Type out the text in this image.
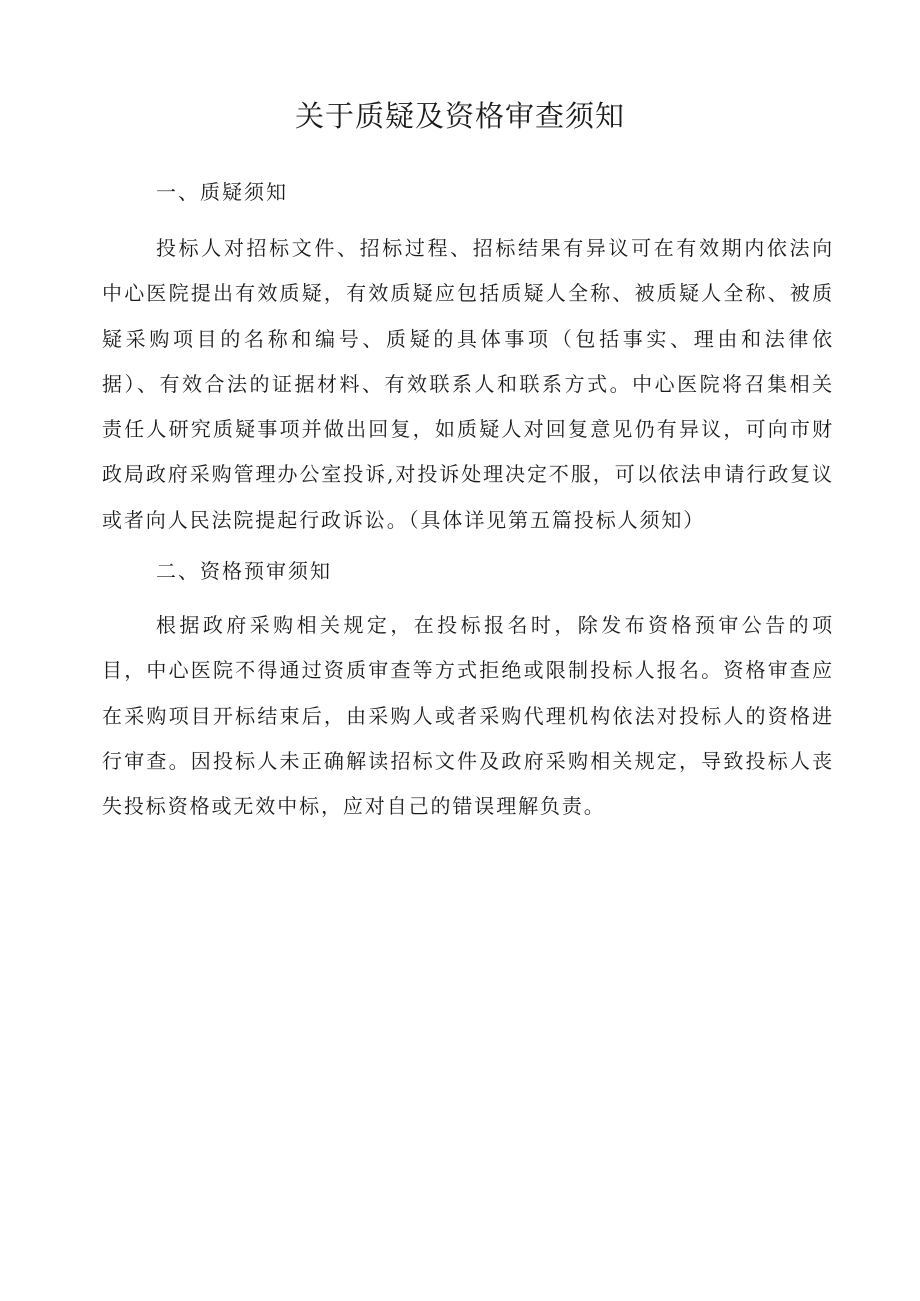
关于质疑及资格审查须知
一、质疑须知

投标人对招标文件、招标过程、招标结果有异议可在有效期内依法向中心医院提出有效质疑，有效质疑应包括质疑人全称、被质疑人全称、被质疑采购项目的名称和编号、质疑的具体事项（包括事实、理由和法律依据）、有效合法的证据材料、有效联系人和联系方式。中心医院将召集相关责任人研究质疑事项并做出回复，如质疑人对回复意见仍有异议，可向市财政局政府采购管理办公室投诉,对投诉处理决定不服，可以依法申请行政复议或者向人民法院提起行政诉讼。（具体详见第五篇投标人须知）

二、资格预审须知

根据政府采购相关规定，在投标报名时，除发布资格预审公告的项目，中心医院不得通过资质审查等方式拒绝或限制投标人报名。资格审查应在采购项目开标结束后，由采购人或者采购代理机构依法对投标人的资格进行审查。因投标人未正确解读招标文件及政府采购相关规定，导致投标人丧失投标资格或无效中标，应对自己的错误理解负责。
